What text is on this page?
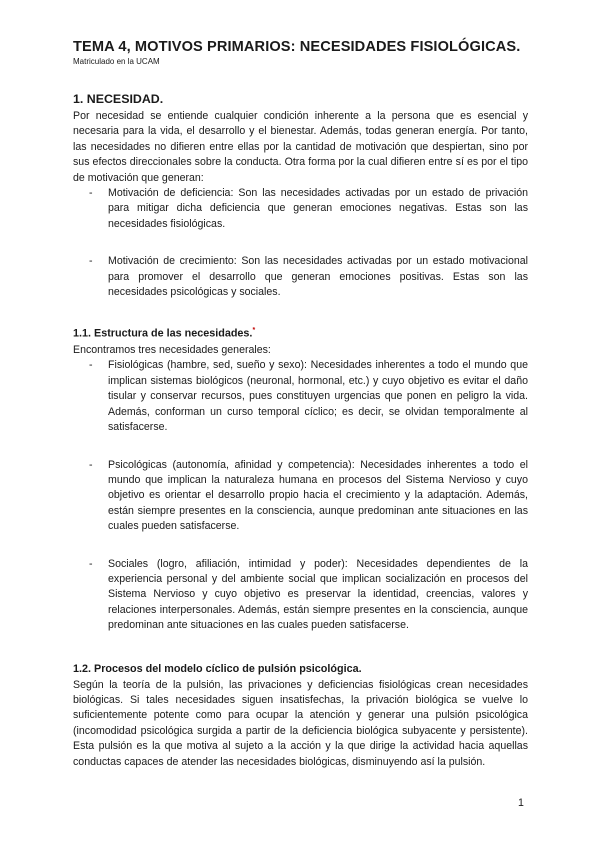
TEMA 4, MOTIVOS PRIMARIOS: NECESIDADES FISIOLÓGICAS.
Matriculado en la UCAM
1. NECESIDAD.

Por necesidad se entiende cualquier condición inherente a la persona que es esencial y necesaria para la vida, el desarrollo y el bienestar. Además, todas generan energía. Por tanto, las necesidades no difieren entre ellas por la cantidad de motivación que despiertan, sino por sus efectos direccionales sobre la conducta. Otra forma por la cual difieren entre sí es por el tipo de motivación que generan:

- Motivación de deficiencia: Son las necesidades activadas por un estado de privación para mitigar dicha deficiencia que generan emociones negativas. Estas son las necesidades fisiológicas.
- Motivación de crecimiento: Son las necesidades activadas por un estado motivacional para promover el desarrollo que generan emociones positivas. Estas son las necesidades psicológicas y sociales.
1.1. Estructura de las necesidades.*

Encontramos tres necesidades generales:

- Fisiológicas (hambre, sed, sueño y sexo): Necesidades inherentes a todo el mundo que implican sistemas biológicos (neuronal, hormonal, etc.) y cuyo objetivo es evitar el daño tisular y conservar recursos, pues constituyen urgencias que ponen en peligro la vida. Además, conforman un curso temporal cíclico; es decir, se olvidan temporalmente al satisfacerse.
- Psicológicas (autonomía, afinidad y competencia): Necesidades inherentes a todo el mundo que implican la naturaleza humana en procesos del Sistema Nervioso y cuyo objetivo es orientar el desarrollo propio hacia el crecimiento y la adaptación. Además, están siempre presentes en la consciencia, aunque predominan ante situaciones en las cuales pueden satisfacerse.
- Sociales (logro, afiliación, intimidad y poder): Necesidades dependientes de la experiencia personal y del ambiente social que implican socialización en procesos del Sistema Nervioso y cuyo objetivo es preservar la identidad, creencias, valores y relaciones interpersonales. Además, están siempre presentes en la consciencia, aunque predominan ante situaciones en las cuales pueden satisfacerse.
1.2. Procesos del modelo cíclico de pulsión psicológica.

Según la teoría de la pulsión, las privaciones y deficiencias fisiológicas crean necesidades biológicas. Si tales necesidades siguen insatisfechas, la privación biológica se vuelve lo suficientemente potente como para ocupar la atención y generar una pulsión psicológica (incomodidad psicológica surgida a partir de la deficiencia biológica subyacente y persistente). Esta pulsión es la que motiva al sujeto a la acción y la que dirige la actividad hacia aquellas conductas capaces de atender las necesidades biológicas, disminuyendo así la pulsión.

1
